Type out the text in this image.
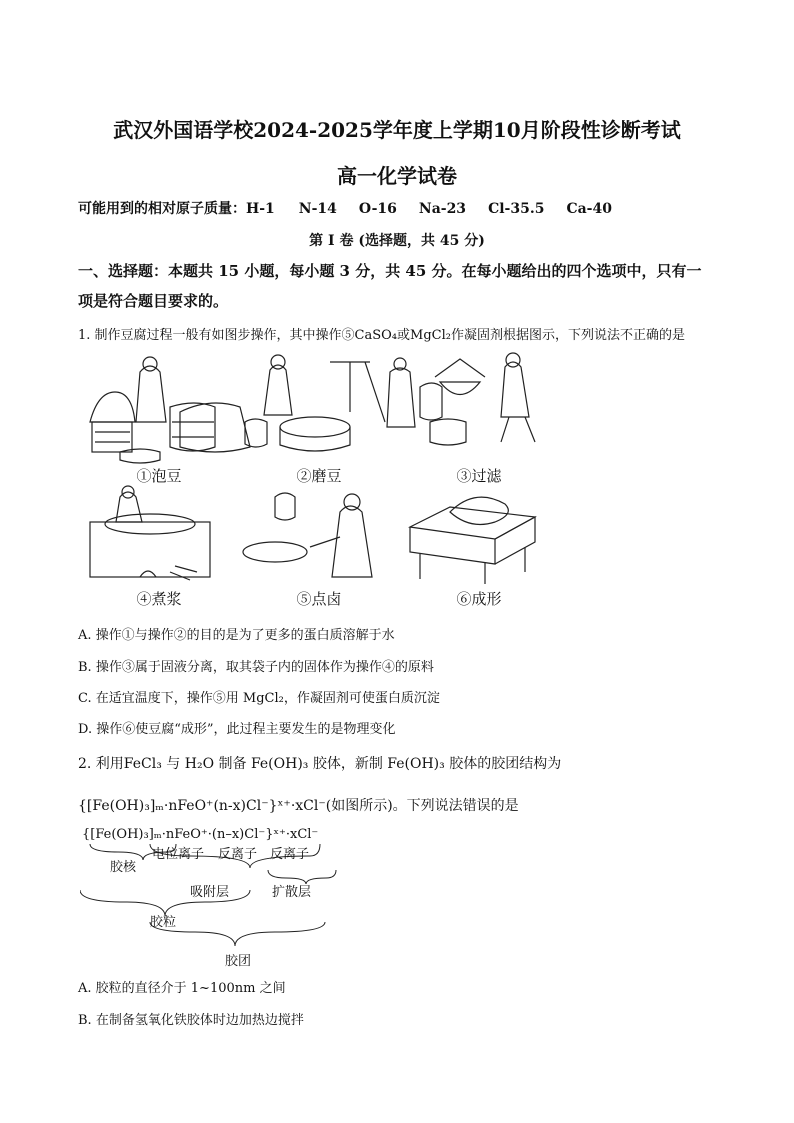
武汉外国语学校2024-2025学年度上学期10月阶段性诊断考试
高一化学试卷
可能用到的相对原子质量：H-1 N-14 O-16 Na-23 Cl-35.5 Ca-40
第 I 卷 (选择题，共 45 分)
一、选择题：本题共 15 小题，每小题 3 分，共 45 分。在每小题给出的四个选项中，只有一
项是符合题目要求的。
1. 制作豆腐过程一般有如图步操作，其中操作⑤CaSO₄或MgCl₂作凝固剂根据图示，下列说法不正确的是
①泡豆	②磨豆	③过滤
④煮浆	⑤点卤	⑥成形
A. 操作①与操作②的目的是为了更多的蛋白质溶解于水
B. 操作③属于固液分离，取其袋子内的固体作为操作④的原料
C. 在适宜温度下，操作⑤用 MgCl₂，作凝固剂可使蛋白质沉淀
D. 操作⑥使豆腐“成形”，此过程主要发生的是物理变化
2. 利用FeCl₃ 与 H₂O 制备 Fe(OH)₃ 胶体，新制 Fe(OH)₃ 胶体的胶团结构为
{[Fe(OH)₃]ₘ·nFeO⁺(n-x)Cl⁻}ˣ⁺·xCl⁻(如图所示)。下列说法错误的是
{[Fe(OH)₃]ₘ·nFeO⁺·(n–x)Cl⁻}ˣ⁺·xCl⁻
胶核
电位离子 反离子 反离子
吸附层	扩散层
胶粒
胶团
A. 胶粒的直径介于 1~100nm 之间
B. 在制备氢氧化铁胶体时边加热边搅拌
